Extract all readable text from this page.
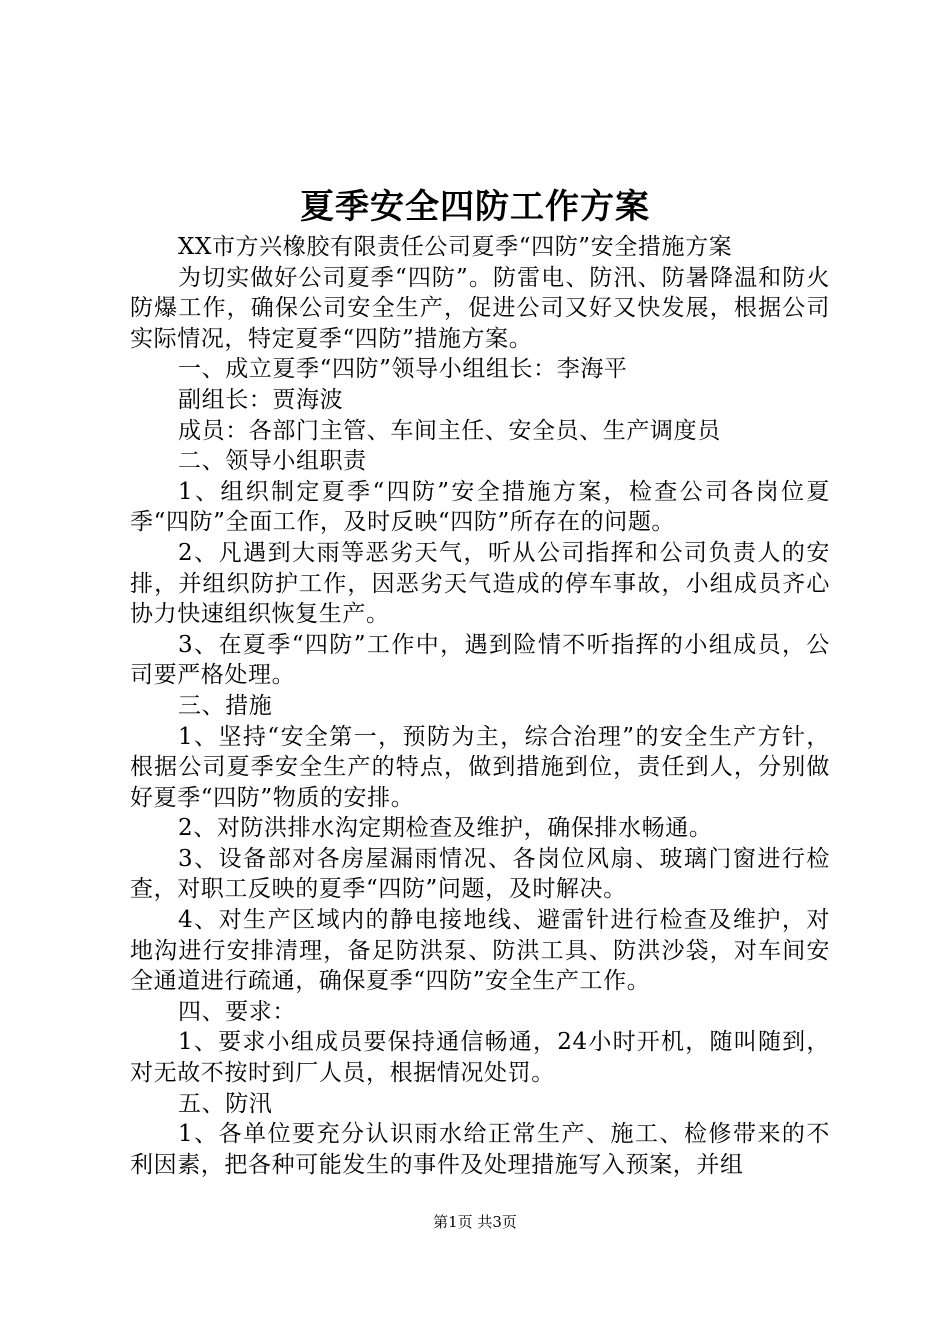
夏季安全四防工作方案

XX市方兴橡胶有限责任公司夏季“四防”安全措施方案

为切实做好公司夏季“四防”。防雷电、防汛、防暑降温和防火防爆工作，确保公司安全生产，促进公司又好又快发展，根据公司实际情况，特定夏季“四防”措施方案。

一、成立夏季“四防”领导小组组长：李海平

副组长：贾海波

成员：各部门主管、车间主任、安全员、生产调度员

二、领导小组职责

1、组织制定夏季“四防”安全措施方案，检查公司各岗位夏季“四防”全面工作，及时反映“四防”所存在的问题。

2、凡遇到大雨等恶劣天气，听从公司指挥和公司负责人的安排，并组织防护工作，因恶劣天气造成的停车事故，小组成员齐心协力快速组织恢复生产。

3、在夏季“四防”工作中，遇到险情不听指挥的小组成员，公司要严格处理。

三、措施

1、坚持“安全第一，预防为主，综合治理”的安全生产方针，根据公司夏季安全生产的特点，做到措施到位，责任到人，分别做好夏季“四防”物质的安排。

2、对防洪排水沟定期检查及维护，确保排水畅通。

3、设备部对各房屋漏雨情况、各岗位风扇、玻璃门窗进行检查，对职工反映的夏季“四防”问题，及时解决。

4、对生产区域内的静电接地线、避雷针进行检查及维护，对地沟进行安排清理，备足防洪泵、防洪工具、防洪沙袋，对车间安全通道进行疏通，确保夏季“四防”安全生产工作。

四、要求：

1、要求小组成员要保持通信畅通，24小时开机，随叫随到，对无故不按时到厂人员，根据情况处罚。

五、防汛

1、各单位要充分认识雨水给正常生产、施工、检修带来的不利因素，把各种可能发生的事件及处理措施写入预案，并组

第1页 共3页
